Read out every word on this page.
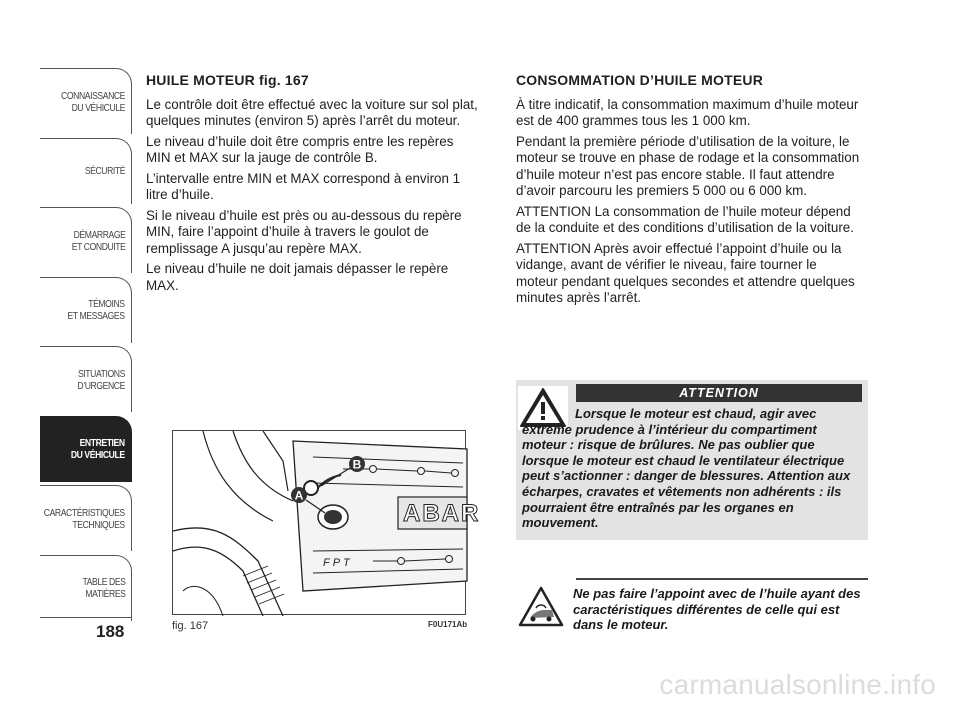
CONNAISSANCE
DU VÉHICULE
SÉCURITÉ
DÉMARRAGE
ET CONDUITE
TÉMOINS
ET MESSAGES
SITUATIONS
D’URGENCE
ENTRETIEN
DU VÉHICULE
CARACTÉRISTIQUES
TECHNIQUES
TABLE DES
MATIÈRES
188
HUILE MOTEUR fig. 167

Le contrôle doit être effectué avec la voiture sur sol plat, quelques minutes (environ 5) après l’arrêt du moteur.

Le niveau d’huile doit être compris entre les repères MIN et MAX sur la jauge de contrôle B.

L’intervalle entre MIN et MAX correspond à environ 1 litre d’huile.

Si le niveau d’huile est près ou au-dessous du repère MIN, faire l’appoint d’huile à travers le goulot de remplissage A jusqu’au repère MAX.

Le niveau d’huile ne doit jamais dépasser le repère MAX.

CONSOMMATION D’HUILE MOTEUR

À titre indicatif, la consommation maximum d’huile moteur est de 400 grammes tous les 1 000 km.

Pendant la première période d’utilisation de la voiture, le moteur se trouve en phase de rodage et la consommation d’huile moteur n’est pas encore stable. Il faut attendre d’avoir parcouru les premiers 5 000 ou 6 000 km.

ATTENTION La consommation de l’huile moteur dépend de la conduite et des conditions d’utilisation de la voiture.

ATTENTION Après avoir effectué l’appoint d’huile ou la vidange, avant de vérifier le niveau, faire tourner le moteur pendant quelques secondes et attendre quelques minutes après l’arrêt.

ABAR
FPT
A
B
fig. 167	F0U171Ab
ATTENTION
Lorsque le moteur est chaud, agir avec extrême prudence à l’intérieur du compartiment moteur : risque de brûlures. Ne pas oublier que lorsque le moteur est chaud le ventilateur électrique peut s’actionner : danger de blessures. Attention aux écharpes, cravates et vêtements non adhérents : ils pourraient être entraînés par les organes en mouvement.
Ne pas faire l’appoint avec de l’huile ayant des caractéristiques différentes de celle qui est dans le moteur.
carmanualsonline.info
